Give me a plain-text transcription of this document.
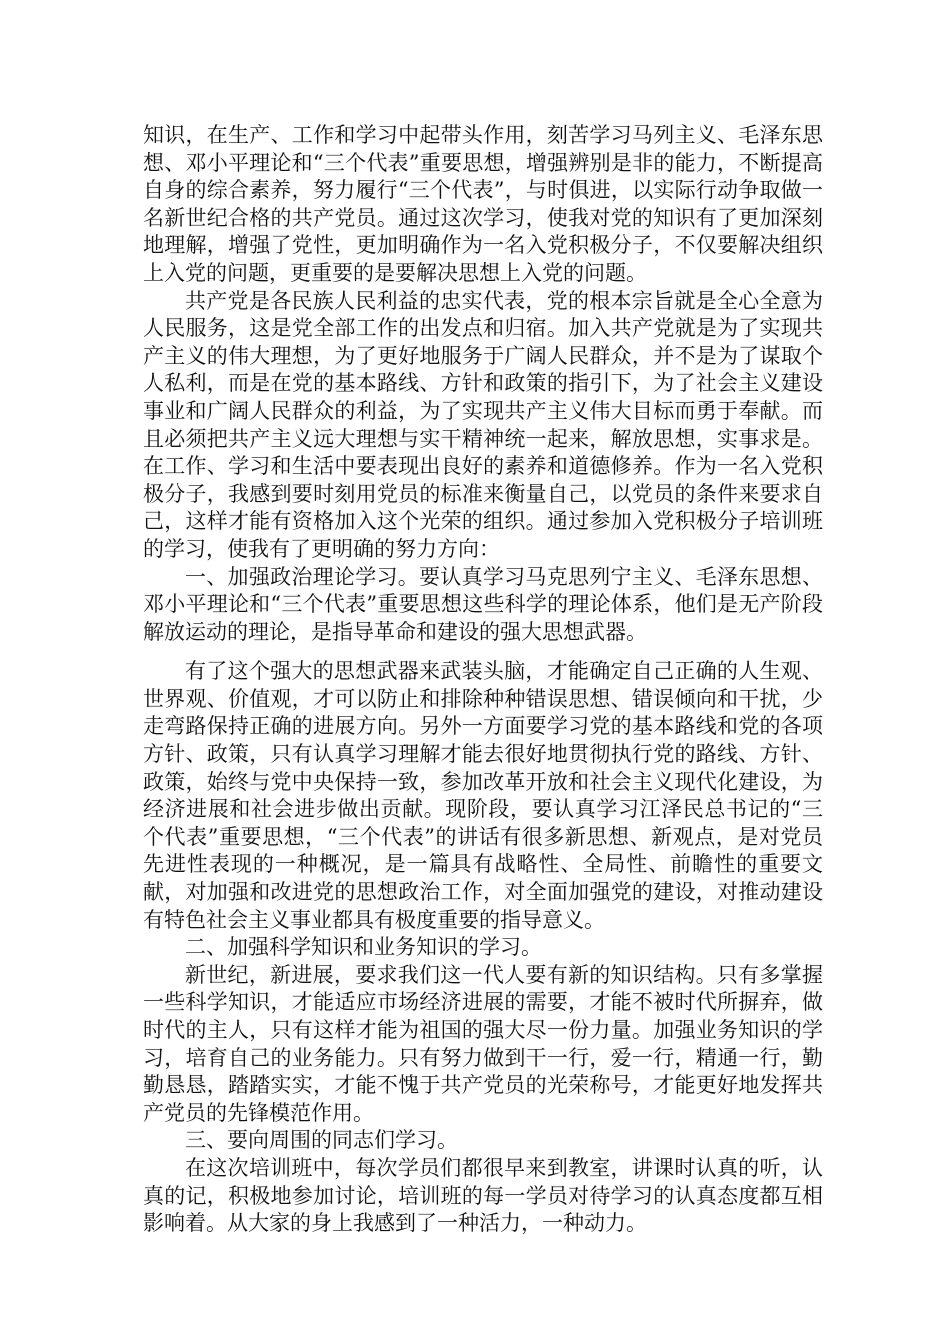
知识，在生产、工作和学习中起带头作用，刻苦学习马列主义、毛泽东思想、邓小平理论和“三个代表”重要思想，增强辨别是非的能力，不断提高自身的综合素养，努力履行“三个代表”，与时俱进，以实际行动争取做一名新世纪合格的共产党员。通过这次学习，使我对党的知识有了更加深刻地理解，增强了党性，更加明确作为一名入党积极分子，不仅要解决组织上入党的问题，更重要的是要解决思想上入党的问题。

共产党是各民族人民利益的忠实代表，党的根本宗旨就是全心全意为人民服务，这是党全部工作的出发点和归宿。加入共产党就是为了实现共产主义的伟大理想，为了更好地服务于广阔人民群众，并不是为了谋取个人私利，而是在党的基本路线、方针和政策的指引下，为了社会主义建设事业和广阔人民群众的利益，为了实现共产主义伟大目标而勇于奉献。而且必须把共产主义远大理想与实干精神统一起来，解放思想，实事求是。在工作、学习和生活中要表现出良好的素养和道德修养。作为一名入党积极分子，我感到要时刻用党员的标准来衡量自己，以党员的条件来要求自己，这样才能有资格加入这个光荣的组织。通过参加入党积极分子培训班的学习，使我有了更明确的努力方向：

一、加强政治理论学习。要认真学习马克思列宁主义、毛泽东思想、邓小平理论和“三个代表”重要思想这些科学的理论体系，他们是无产阶段解放运动的理论，是指导革命和建设的强大思想武器。

有了这个强大的思想武器来武装头脑，才能确定自己正确的人生观、世界观、价值观，才可以防止和排除种种错误思想、错误倾向和干扰，少走弯路保持正确的进展方向。另外一方面要学习党的基本路线和党的各项方针、政策，只有认真学习理解才能去很好地贯彻执行党的路线、方针、政策，始终与党中央保持一致，参加改革开放和社会主义现代化建设，为经济进展和社会进步做出贡献。现阶段，要认真学习江泽民总书记的“三个代表”重要思想，“三个代表”的讲话有很多新思想、新观点，是对党员先进性表现的一种概况，是一篇具有战略性、全局性、前瞻性的重要文献，对加强和改进党的思想政治工作，对全面加强党的建设，对推动建设有特色社会主义事业都具有极度重要的指导意义。

二、加强科学知识和业务知识的学习。

新世纪，新进展，要求我们这一代人要有新的知识结构。只有多掌握一些科学知识，才能适应市场经济进展的需要，才能不被时代所摒弃，做时代的主人，只有这样才能为祖国的强大尽一份力量。加强业务知识的学习，培育自己的业务能力。只有努力做到干一行，爱一行，精通一行，勤勤恳恳，踏踏实实，才能不愧于共产党员的光荣称号，才能更好地发挥共产党员的先锋模范作用。

三、要向周围的同志们学习。

在这次培训班中，每次学员们都很早来到教室，讲课时认真的听，认真的记，积极地参加讨论，培训班的每一学员对待学习的认真态度都互相影响着。从大家的身上我感到了一种活力，一种动力。
